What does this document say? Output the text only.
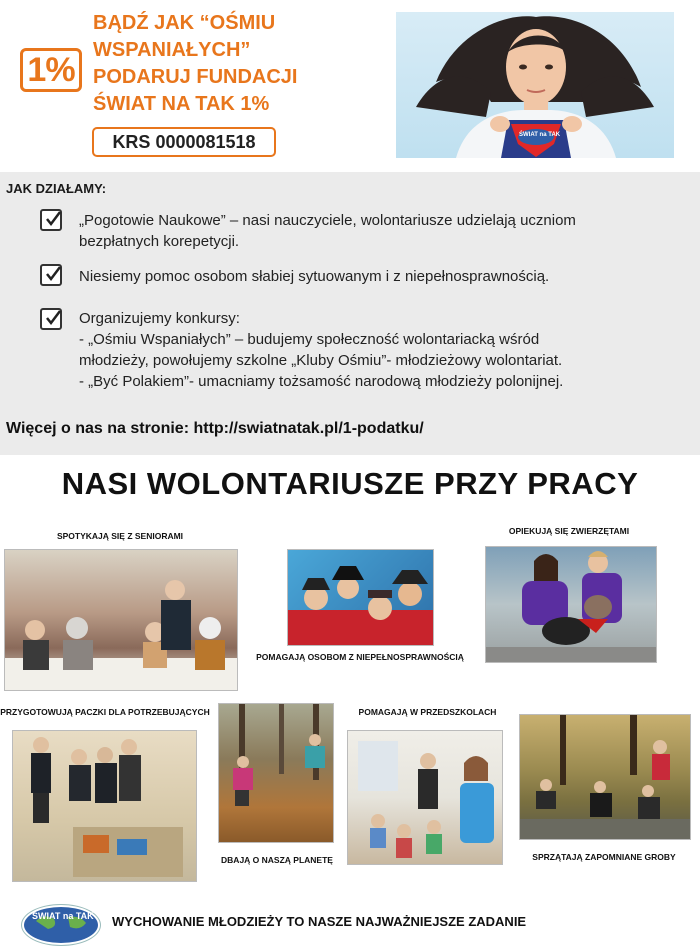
1%
BĄDŹ JAK “OŚMIU
WSPANIAŁYCH”
PODARUJ FUNDACJI
ŚWIAT NA TAK 1%
KRS 0000081518	ŚWIAT na TAK
JAK DZIAŁAMY:
„Pogotowie Naukowe” – nasi nauczyciele, wolontariusze udzielają uczniom
bezpłatnych korepetycji.
Niesiemy pomoc osobom słabiej sytuowanym i z niepełnosprawnością.
Organizujemy konkursy:
- „Ośmiu Wspaniałych” – budujemy społeczność wolontariacką wśród
młodzieży, powołujemy szkolne „Kluby Ośmiu”- młodzieżowy wolontariat.
- „Być Polakiem”- umacniamy tożsamość narodową młodzieży polonijnej.
Więcej o nas na stronie: http://swiatnatak.pl/1-podatku/
NASI WOLONTARIUSZE PRZY PRACY
SPOTYKAJĄ SIĘ Z SENIORAMI
POMAGAJĄ OSOBOM Z NIEPEŁNOSPRAWNOŚCIĄ
OPIEKUJĄ SIĘ ZWIERZĘTAMI
PRZYGOTOWUJĄ PACZKI DLA POTRZEBUJĄCYCH
DBAJĄ O NASZĄ PLANETĘ
POMAGAJĄ W PRZEDSZKOLACH
SPRZĄTAJĄ ZAPOMNIANE GROBY
ŚWIAT na TAK WYCHOWANIE MŁODZIEŻY TO NASZE NAJWAŻNIEJSZE ZADANIE
